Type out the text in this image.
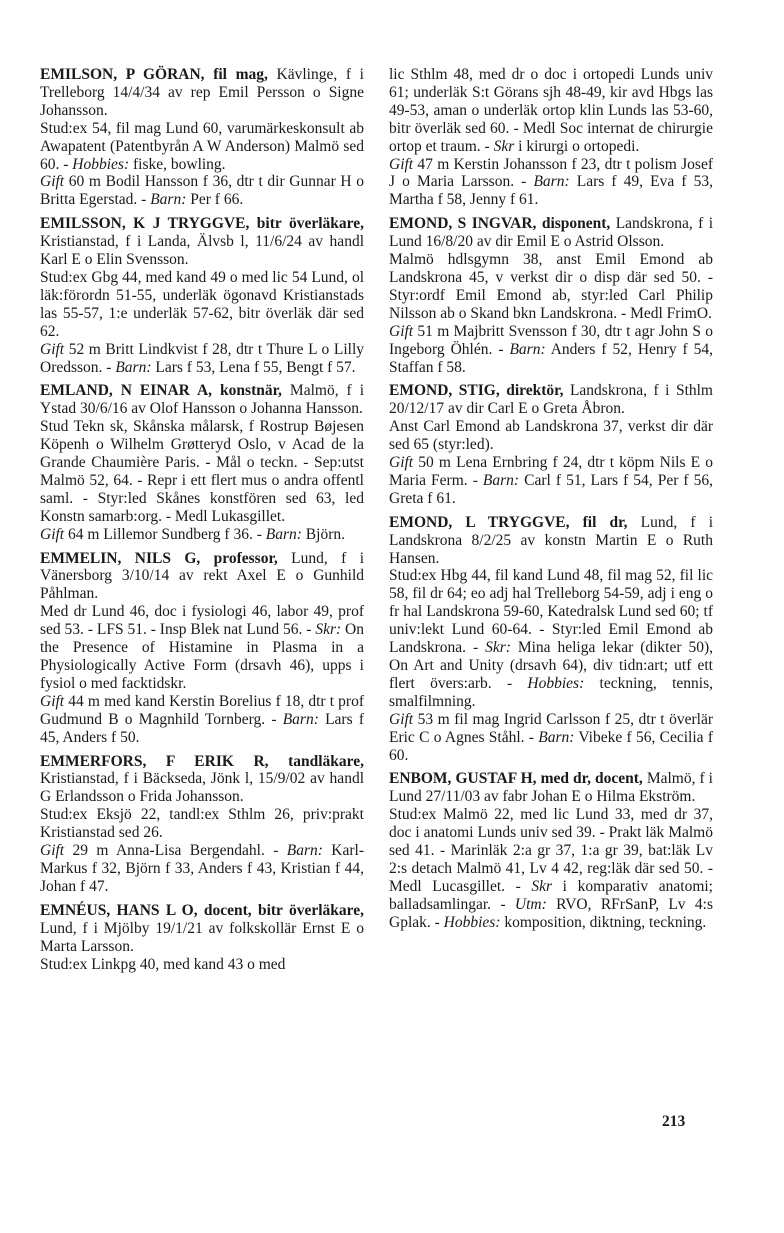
EMILSON, P GÖRAN, fil mag, Kävlinge, f i Trelleborg 14/4/34 av rep Emil Persson o Signe Johansson.

Stud:ex 54, fil mag Lund 60, varumärkeskonsult ab Awapatent (Patentbyrån A W Anderson) Malmö sed 60. - Hobbies: fiske, bowling.

Gift 60 m Bodil Hansson f 36, dtr t dir Gunnar H o Britta Egerstad. - Barn: Per f 66.

EMILSSON, K J TRYGGVE, bitr överläkare, Kristianstad, f i Landa, Älvsb l, 11/6/24 av handl Karl E o Elin Svensson.

Stud:ex Gbg 44, med kand 49 o med lic 54 Lund, ol läk:förordn 51-55, underläk ögonavd Kristianstads las 55-57, 1:e underläk 57-62, bitr överläk där sed 62.

Gift 52 m Britt Lindkvist f 28, dtr t Thure L o Lilly Oredsson. - Barn: Lars f 53, Lena f 55, Bengt f 57.

EMLAND, N EINAR A, konstnär, Malmö, f i Ystad 30/6/16 av Olof Hansson o Johanna Hansson.

Stud Tekn sk, Skånska målarsk, f Rostrup Bøjesen Köpenh o Wilhelm Grøtteryd Oslo, v Acad de la Grande Chaumière Paris. - Mål o teckn. - Sep:utst Malmö 52, 64. - Repr i ett flert mus o andra offentl saml. - Styr:led Skånes konstfören sed 63, led Konstn samarb:org. - Medl Lukasgillet.

Gift 64 m Lillemor Sundberg f 36. - Barn: Björn.

EMMELIN, NILS G, professor, Lund, f i Vänersborg 3/10/14 av rekt Axel E o Gunhild Påhlman.

Med dr Lund 46, doc i fysiologi 46, labor 49, prof sed 53. - LFS 51. - Insp Blek nat Lund 56. - Skr: On the Presence of Histamine in Plasma in a Physiologically Active Form (drsavh 46), upps i fysiol o med facktidskr.

Gift 44 m med kand Kerstin Borelius f 18, dtr t prof Gudmund B o Magnhild Tornberg. - Barn: Lars f 45, Anders f 50.

EMMERFORS, F ERIK R, tandläkare, Kristianstad, f i Bäckseda, Jönk l, 15/9/02 av handl G Erlandsson o Frida Johansson.

Stud:ex Eksjö 22, tandl:ex Sthlm 26, priv:prakt Kristianstad sed 26.

Gift 29 m Anna-Lisa Bergendahl. - Barn: Karl-Markus f 32, Björn f 33, Anders f 43, Kristian f 44, Johan f 47.

EMNÉUS, HANS L O, docent, bitr överläkare, Lund, f i Mjölby 19/1/21 av folkskollär Ernst E o Marta Larsson.

Stud:ex Linkpg 40, med kand 43 o med

lic Sthlm 48, med dr o doc i ortopedi Lunds univ 61; underläk S:t Görans sjh 48-49, kir avd Hbgs las 49-53, aman o underläk ortop klin Lunds las 53-60, bitr överläk sed 60. - Medl Soc internat de chirurgie ortop et traum. - Skr i kirurgi o ortopedi.

Gift 47 m Kerstin Johansson f 23, dtr t polism Josef J o Maria Larsson. - Barn: Lars f 49, Eva f 53, Martha f 58, Jenny f 61.

EMOND, S INGVAR, disponent, Landskrona, f i Lund 16/8/20 av dir Emil E o Astrid Olsson.

Malmö hdlsgymn 38, anst Emil Emond ab Landskrona 45, v verkst dir o disp där sed 50. - Styr:ordf Emil Emond ab, styr:led Carl Philip Nilsson ab o Skand bkn Landskrona. - Medl FrimO.

Gift 51 m Majbritt Svensson f 30, dtr t agr John S o Ingeborg Öhlén. - Barn: Anders f 52, Henry f 54, Staffan f 58.

EMOND, STIG, direktör, Landskrona, f i Sthlm 20/12/17 av dir Carl E o Greta Åbron.

Anst Carl Emond ab Landskrona 37, verkst dir där sed 65 (styr:led).

Gift 50 m Lena Ernbring f 24, dtr t köpm Nils E o Maria Ferm. - Barn: Carl f 51, Lars f 54, Per f 56, Greta f 61.

EMOND, L TRYGGVE, fil dr, Lund, f i Landskrona 8/2/25 av konstn Martin E o Ruth Hansen.

Stud:ex Hbg 44, fil kand Lund 48, fil mag 52, fil lic 58, fil dr 64; eo adj hal Trelleborg 54-59, adj i eng o fr hal Landskrona 59-60, Katedralsk Lund sed 60; tf univ:lekt Lund 60-64. - Styr:led Emil Emond ab Landskrona. - Skr: Mina heliga lekar (dikter 50), On Art and Unity (drsavh 64), div tidn:art; utf ett flert övers:arb. - Hobbies: teckning, tennis, smalfilmning.

Gift 53 m fil mag Ingrid Carlsson f 25, dtr t överlär Eric C o Agnes Ståhl. - Barn: Vibeke f 56, Cecilia f 60.

ENBOM, GUSTAF H, med dr, docent, Malmö, f i Lund 27/11/03 av fabr Johan E o Hilma Ekström.

Stud:ex Malmö 22, med lic Lund 33, med dr 37, doc i anatomi Lunds univ sed 39. - Prakt läk Malmö sed 41. - Marinläk 2:a gr 37, 1:a gr 39, bat:läk Lv 2:s detach Malmö 41, Lv 4 42, reg:läk där sed 50. - Medl Lucasgillet. - Skr i komparativ anatomi; balladsamlingar. - Utm: RVO, RFrSanP, Lv 4:s Gplak. - Hobbies: komposition, diktning, teckning.

213
